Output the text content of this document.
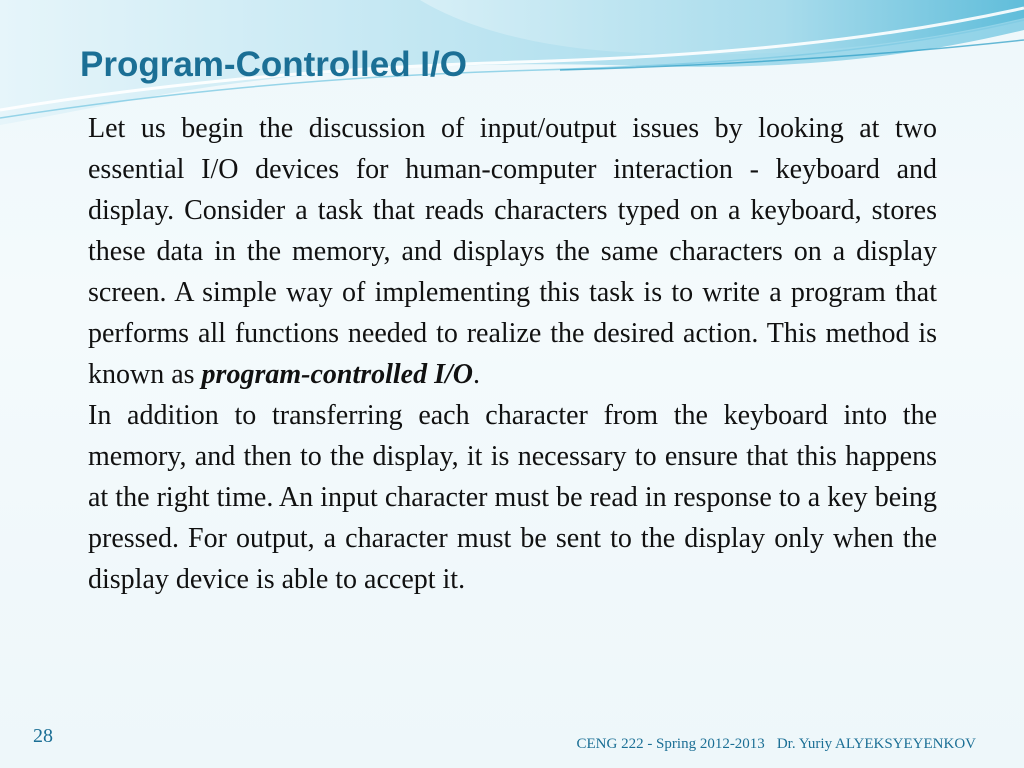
Program-Controlled I/O

Let us begin the discussion of input/output issues by looking at two essential I/O devices for human-computer interaction - keyboard and display. Consider a task that reads characters typed on a keyboard, stores these data in the memory, and displays the same characters on a display screen. A simple way of implementing this task is to write a program that performs all functions needed to realize the desired action. This method is known as program-controlled I/O.

In addition to transferring each character from the keyboard into the memory, and then to the display, it is necessary to ensure that this happens at the right time. An input character must be read in response to a key being pressed. For output, a character must be sent to the display only when the display device is able to accept it.

28	CENG 222 - Spring 2012-2013 Dr. Yuriy ALYEKSYEYENKOV
